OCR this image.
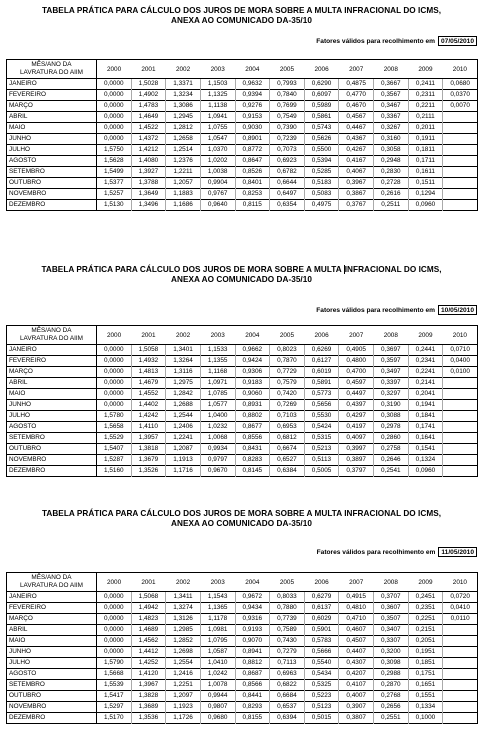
TABELA PRÁTICA PARA CÁLCULO DOS JUROS DE MORA SOBRE A MULTA INFRACIONAL DO ICMS,
ANEXA AO COMUNICADO DA-35/10
Fatores válidos para recolhimento em 07/05/2010
MÊS/ANO DA
LAVRATURA DO AIIM	2000	2001	2002	2003	2004	2005	2006	2007	2008	2009	2010
JANEIRO	0,0000	1,5028	1,3371	1,1503	0,9632	0,7993	0,6290	0,4875	0,3667	0,2411	0,0680
FEVEREIRO	0,0000	1,4902	1,3234	1,1325	0,9394	0,7840	0,6097	0,4770	0,3567	0,2311	0,0370
MARÇO	0,0000	1,4783	1,3086	1,1138	0,9276	0,7699	0,5989	0,4670	0,3467	0,2211	0,0070
ABRIL	0,0000	1,4649	1,2945	1,0941	0,9153	0,7549	0,5861	0,4567	0,3367	0,2111	
MAIO	0,0000	1,4522	1,2812	1,0755	0,9030	0,7390	0,5743	0,4467	0,3267	0,2011	
JUNHO	0,0000	1,4372	1,2658	1,0547	0,8901	0,7239	0,5626	0,4367	0,3160	0,1911	
JULHO	1,5750	1,4212	1,2514	1,0370	0,8772	0,7073	0,5500	0,4267	0,3058	0,1811	
AGOSTO	1,5628	1,4080	1,2376	1,0202	0,8647	0,6923	0,5394	0,4167	0,2948	0,1711	
SETEMBRO	1,5499	1,3927	1,2211	1,0038	0,8526	0,6782	0,5285	0,4067	0,2830	0,1611	
OUTUBRO	1,5377	1,3788	1,2057	0,9904	0,8401	0,6644	0,5183	0,3967	0,2728	0,1511	
NOVEMBRO	1,5257	1,3649	1,1883	0,9767	0,8253	0,6497	0,5083	0,3867	0,2616	0,1294	
DEZEMBRO	1,5130	1,3496	1,1686	0,9640	0,8115	0,6354	0,4975	0,3767	0,2511	0,0960	
TABELA PRÁTICA PARA CÁLCULO DOS JUROS DE MORA SOBRE A MULTA INFRACIONAL DO ICMS,
ANEXA AO COMUNICADO DA-35/10
Fatores válidos para recolhimento em 10/05/2010
MÊS/ANO DA
LAVRATURA DO AIIM	2000	2001	2002	2003	2004	2005	2006	2007	2008	2009	2010
JANEIRO	0,0000	1,5058	1,3401	1,1533	0,9662	0,8023	0,6269	0,4905	0,3697	0,2441	0,0710
FEVEREIRO	0,0000	1,4932	1,3264	1,1355	0,9424	0,7870	0,6127	0,4800	0,3597	0,2341	0,0400
MARÇO	0,0000	1,4813	1,3116	1,1168	0,9306	0,7729	0,6019	0,4700	0,3497	0,2241	0,0100
ABRIL	0,0000	1,4679	1,2975	1,0971	0,9183	0,7579	0,5891	0,4597	0,3397	0,2141	
MAIO	0,0000	1,4552	1,2842	1,0785	0,9060	0,7420	0,5773	0,4497	0,3297	0,2041	
JUNHO	0,0000	1,4402	1,2688	1,0577	0,8931	0,7269	0,5656	0,4397	0,3190	0,1941	
JULHO	1,5780	1,4242	1,2544	1,0400	0,8802	0,7103	0,5530	0,4297	0,3088	0,1841	
AGOSTO	1,5658	1,4110	1,2406	1,0232	0,8677	0,6953	0,5424	0,4197	0,2978	0,1741	
SETEMBRO	1,5529	1,3957	1,2241	1,0068	0,8556	0,6812	0,5315	0,4097	0,2860	0,1641	
OUTUBRO	1,5407	1,3818	1,2087	0,9934	0,8431	0,6674	0,5213	0,3997	0,2758	0,1541	
NOVEMBRO	1,5287	1,3679	1,1913	0,9797	0,8283	0,6527	0,5113	0,3897	0,2646	0,1324	
DEZEMBRO	1,5160	1,3526	1,1716	0,9670	0,8145	0,6384	0,5005	0,3797	0,2541	0,0960	
TABELA PRÁTICA PARA CÁLCULO DOS JUROS DE MORA SOBRE A MULTA INFRACIONAL DO ICMS,
ANEXA AO COMUNICADO DA-35/10
Fatores válidos para recolhimento em 11/05/2010
MÊS/ANO DA
LAVRATURA DO AIIM	2000	2001	2002	2003	2004	2005	2006	2007	2008	2009	2010
JANEIRO	0,0000	1,5068	1,3411	1,1543	0,9672	0,8033	0,6279	0,4915	0,3707	0,2451	0,0720
FEVEREIRO	0,0000	1,4942	1,3274	1,1365	0,9434	0,7880	0,6137	0,4810	0,3607	0,2351	0,0410
MARÇO	0,0000	1,4823	1,3126	1,1178	0,9316	0,7739	0,6029	0,4710	0,3507	0,2251	0,0110
ABRIL	0,0000	1,4689	1,2985	1,0981	0,9193	0,7589	0,5901	0,4607	0,3407	0,2151	
MAIO	0,0000	1,4562	1,2852	1,0795	0,9070	0,7430	0,5783	0,4507	0,3307	0,2051	
JUNHO	0,0000	1,4412	1,2698	1,0587	0,8941	0,7279	0,5666	0,4407	0,3200	0,1951	
JULHO	1,5790	1,4252	1,2554	1,0410	0,8812	0,7113	0,5540	0,4307	0,3098	0,1851	
AGOSTO	1,5668	1,4120	1,2416	1,0242	0,8687	0,6963	0,5434	0,4207	0,2988	0,1751	
SETEMBRO	1,5539	1,3967	1,2251	1,0078	0,8566	0,6822	0,5325	0,4107	0,2870	0,1651	
OUTUBRO	1,5417	1,3828	1,2097	0,9944	0,8441	0,6684	0,5223	0,4007	0,2768	0,1551	
NOVEMBRO	1,5297	1,3689	1,1923	0,9807	0,8293	0,6537	0,5123	0,3907	0,2656	0,1334	
DEZEMBRO	1,5170	1,3536	1,1726	0,9680	0,8155	0,6394	0,5015	0,3807	0,2551	0,1000	
